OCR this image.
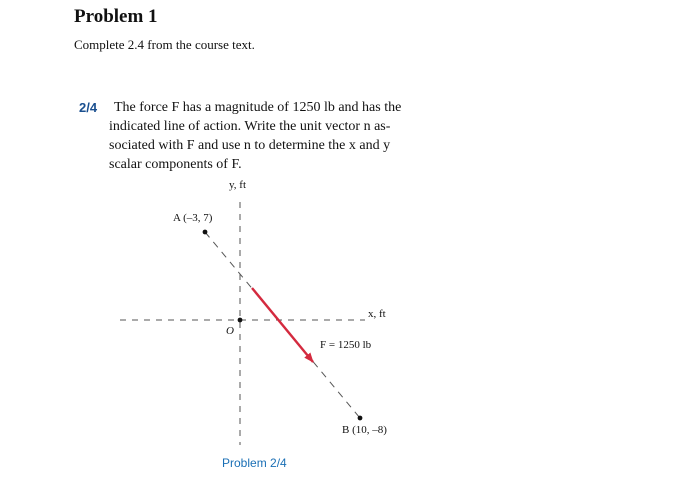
Problem 1

Complete 2.4 from the course text.

2/4	The force F has a magnitude of 1250 lb and has the
indicated line of action. Write the unit vector n as-
sociated with F and use n to determine the x and y
scalar components of F.
y, ft
x, ft
O
A (–3, 7)
B (10, –8)
F = 1250 lb
Problem 2/4
